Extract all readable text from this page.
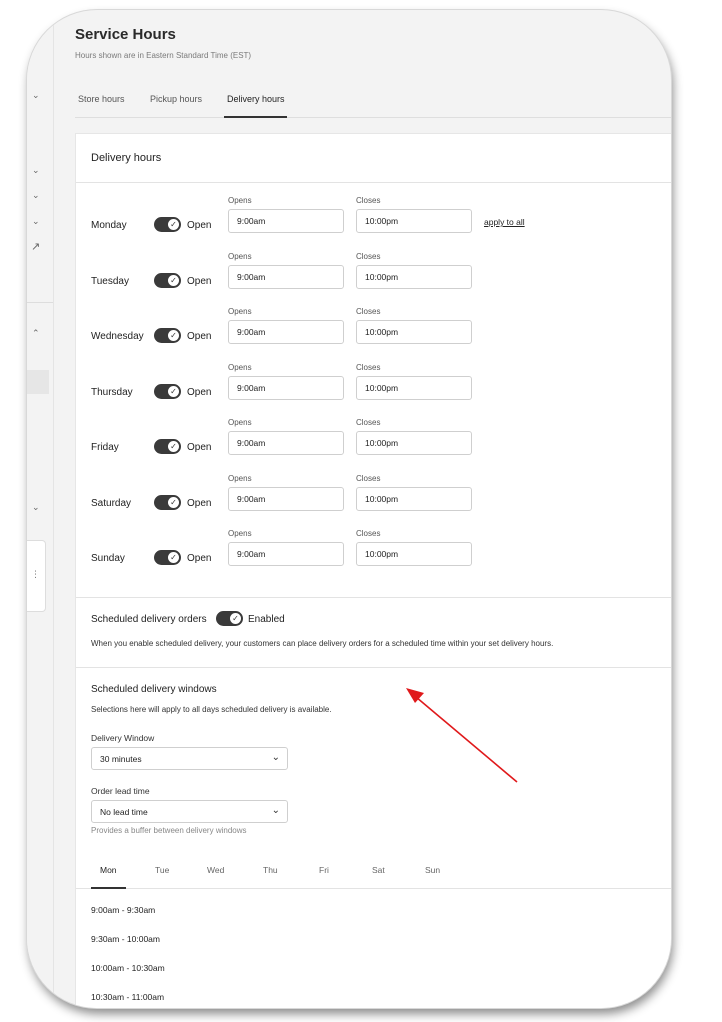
⌄
⌄
⌄
⌄
↗
⌃
⌄
⋮
Service Hours
Hours shown are in Eastern Standard Time (EST)
Store hours	Pickup hours	Delivery hours
Delivery hours
Monday	✓ Open
Opens
9:00am
Closes
10:00pm	apply to all
Tuesday	✓ Open
Opens
9:00am
Closes
10:00pm
Wednesday	✓ Open
Opens
9:00am
Closes
10:00pm
Thursday	✓ Open
Opens
9:00am
Closes
10:00pm
Friday	✓ Open
Opens
9:00am
Closes
10:00pm
Saturday	✓ Open
Opens
9:00am
Closes
10:00pm
Sunday	✓ Open
Opens
9:00am
Closes
10:00pm
Scheduled delivery orders	✓ Enabled
When you enable scheduled delivery, your customers can place delivery orders for a scheduled time within your set delivery hours.
Scheduled delivery windows
Selections here will apply to all days scheduled delivery is available.
Delivery Window
30 minutes	⌄
Order lead time
No lead time	⌄
Provides a buffer between delivery windows
Mon	Tue	Wed	Thu	Fri	Sat	Sun
9:00am - 9:30am
9:30am - 10:00am
10:00am - 10:30am
10:30am - 11:00am
